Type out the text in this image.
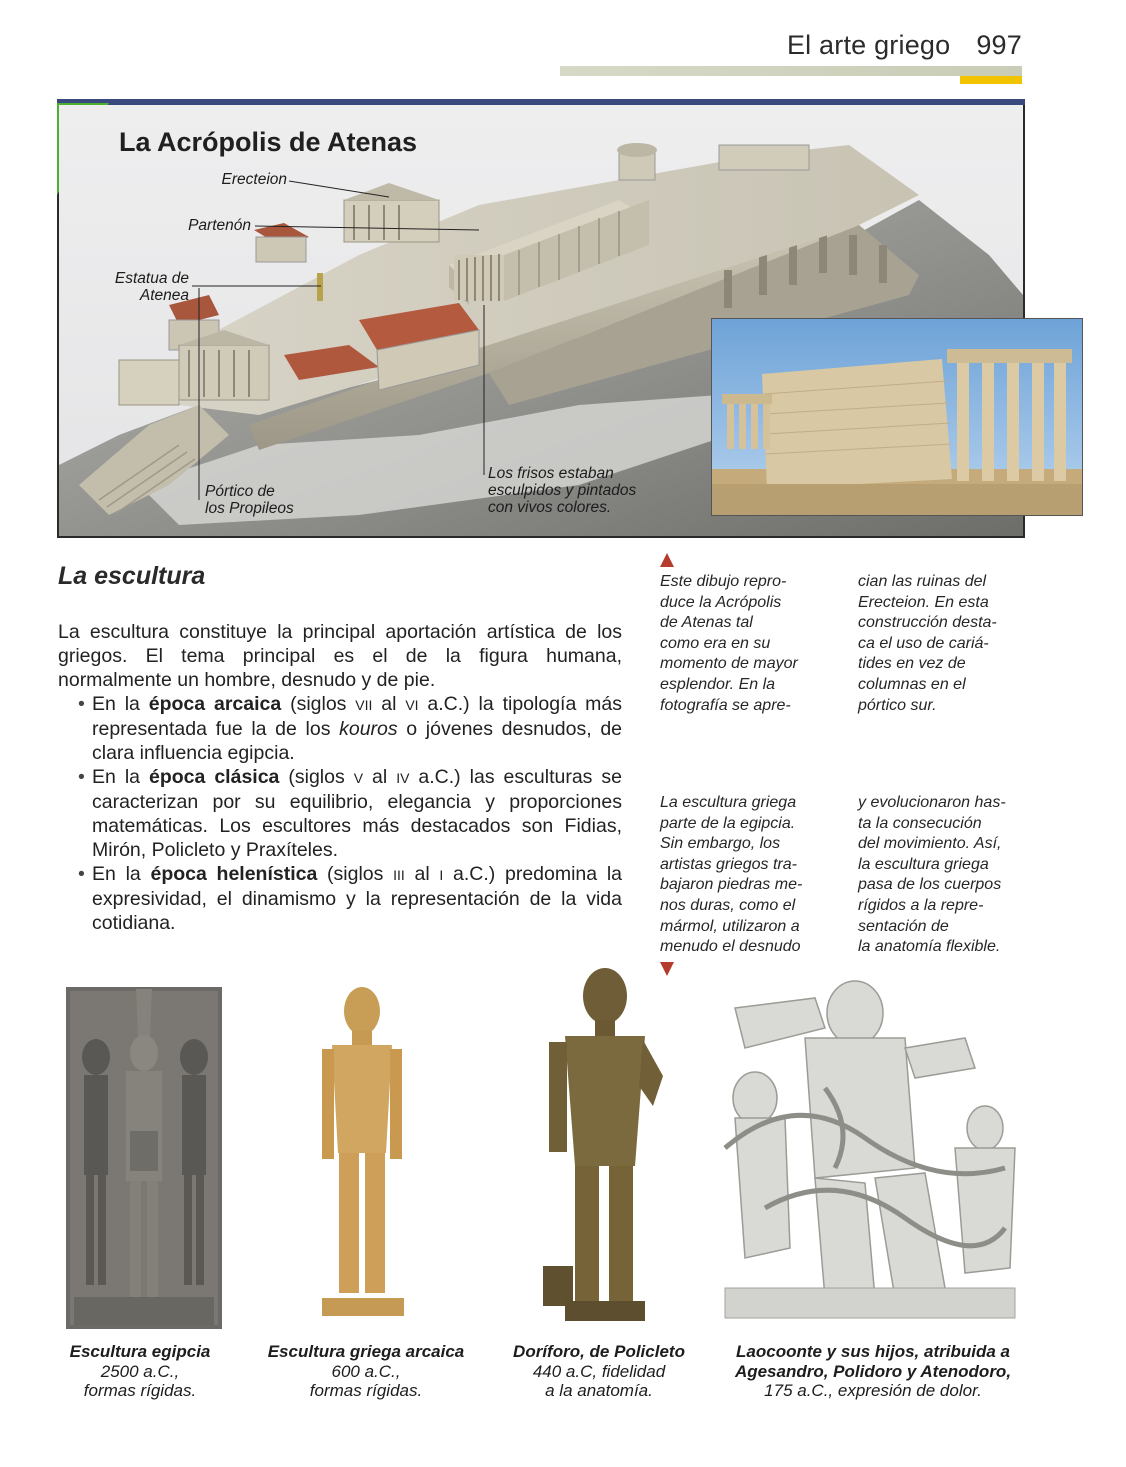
El arte griego 997
La Acrópolis de Atenas
Erecteion
Partenón
Estatua de
Atenea
Pórtico de
los Propileos
Los frisos estaban
esculpidos y pintados
con vivos colores.
La escultura

La escultura constituye la principal aportación artística de los griegos. El tema principal es el de la figura humana, normalmente un hombre, desnudo y de pie.

• En la época arcaica (siglos VII al VI a.C.) la tipología más representada fue la de los kouros o jóvenes desnudos, de clara influencia egipcia.
• En la época clásica (siglos V al IV a.C.) las esculturas se caracterizan por su equilibrio, elegancia y proporciones matemáticas. Los escultores más destacados son Fidias, Mirón, Policleto y Praxíteles.
• En la época helenística (siglos III al I a.C.) predomina la expresividad, el dinamismo y la representación de la vida cotidiana.
Este dibujo repro-
duce la Acrópolis
de Atenas tal
como era en su
momento de mayor
esplendor. En la
fotografía se apre-
cian las ruinas del
Erecteion. En esta
construcción desta-
ca el uso de cariá-
tides en vez de
columnas en el
pórtico sur.
La escultura griega
parte de la egipcia.
Sin embargo, los
artistas griegos tra-
bajaron piedras me-
nos duras, como el
mármol, utilizaron a
menudo el desnudo
y evolucionaron has-
ta la consecución
del movimiento. Así,
la escultura griega
pasa de los cuerpos
rígidos a la repre-
sentación de
la anatomía flexible.
Escultura egipcia
2500 a.C.,
formas rígidas.
Escultura griega arcaica
600 a.C.,
formas rígidas.
Doríforo, de Policleto
440 a.C, fidelidad
a la anatomía.
Laocoonte y sus hijos, atribuida a
Agesandro, Polidoro y Atenodoro,
175 a.C., expresión de dolor.
